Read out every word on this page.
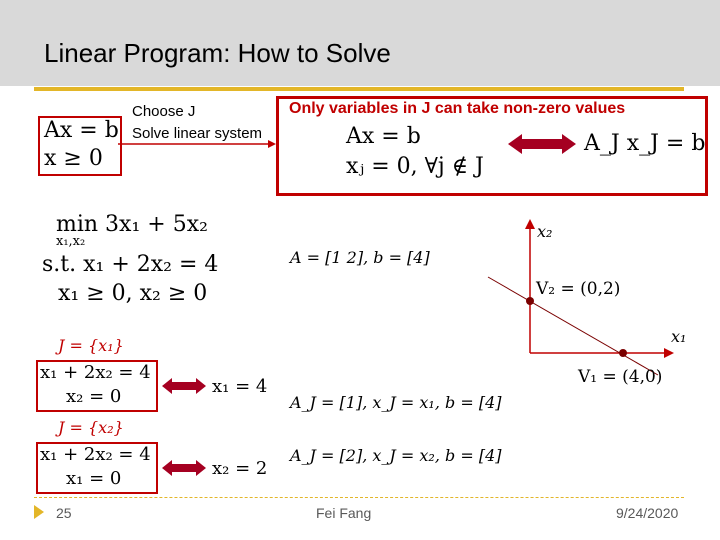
Linear Program: How to Solve
Ax = b
x ≥ 0
Choose J
Solve linear system
Only variables in J can take non-zero values
Ax = b
xⱼ = 0, ∀j ∉ J
A_J x_J = b
min 3x₁ + 5x₂
x₁,x₂
s.t. x₁ + 2x₂ = 4
x₁ ≥ 0, x₂ ≥ 0
A = [1 2], b = [4]
x₂
x₁
V₂ = (0,2)
V₁ = (4,0)
J = {x₁}
x₁ + 2x₂ = 4
x₂ = 0	x₁ = 4
A_J = [1], x_J = x₁, b = [4]
J = {x₂}
x₁ + 2x₂ = 4
x₁ = 0	x₂ = 2
A_J = [2], x_J = x₂, b = [4]
25	Fei Fang	9/24/2020
